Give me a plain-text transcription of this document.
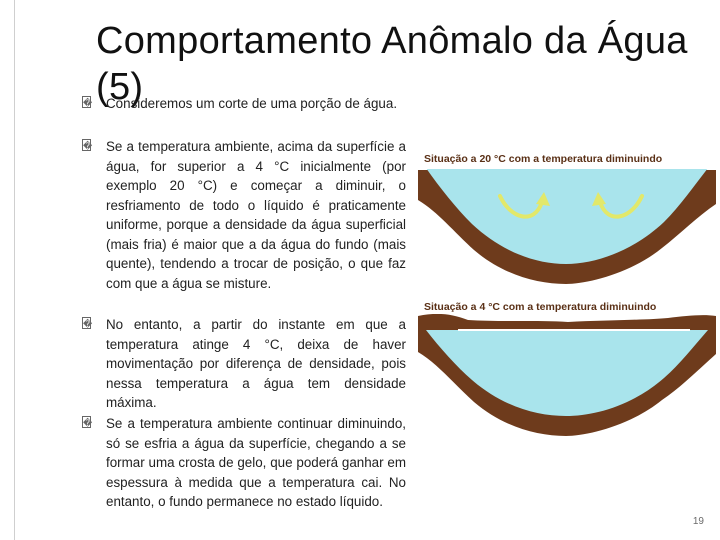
Comportamento Anômalo da Água (5)
� Consideremos um corte de uma porção de água.
� Se a temperatura ambiente, acima da superfície a água, for superior a 4 °C inicialmente (por exemplo 20 °C) e começar a diminuir, o resfriamento de todo o líquido é praticamente uniforme, porque a densidade da água superficial (mais fria) é maior que a da água do fundo (mais quente), tendendo a trocar de posição, o que faz com que a água se misture.
� No entanto, a partir do instante em que a temperatura atinge 4 °C, deixa de haver movimentação por diferença de densidade, pois nessa temperatura a água tem densidade máxima.
� Se a temperatura ambiente continuar diminuindo, só se esfria a água da superfície, chegando a se formar uma crosta de gelo, que poderá ganhar em espessura à medida que a temperatura cai. No entanto, o fundo permanece no estado líquido.
Situação a 20 °C com a temperatura diminuindo
Situação a 4 °C com a temperatura diminuindo
19
